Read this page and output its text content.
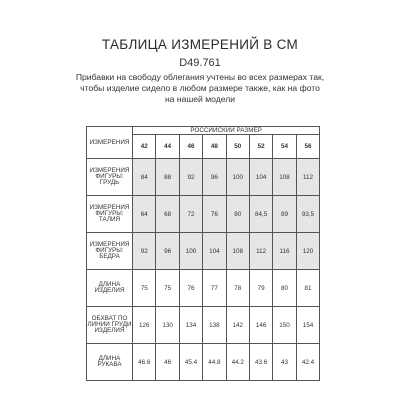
ТАБЛИЦА ИЗМЕРЕНИЙ В СМ
D49.761
Прибавки на свободу облегания учтены во всех размерах так, чтобы изделие сидело в любом размере также, как на фото на нашей модели
ИЗМЕРЕНИЯ	РОССИЙСКИЙ РАЗМЕР							
	42	44	46	48	50	52	54	56
ИЗМЕРЕНИЯ ФИГУРЫ: ГРУДЬ	84	88	92	96	100	104	108	112
ИЗМЕРЕНИЯ ФИГУРЫ: ТАЛИЯ	64	68	72	76	80	84,5	89	93,5
ИЗМЕРЕНИЯ ФИГУРЫ: БЕДРА	92	96	100	104	108	112	116	120
ДЛИНА ИЗДЕЛИЯ	75	75	76	77	78	79	80	81
ОБХВАТ ПО ЛИНИИ ГРУДИ ИЗДЕЛИЯ	126	130	134	138	142	146	150	154
ДЛИНА РУКАВА	46.6	46	45.4	44.8	44.2	43.6	43	42.4
